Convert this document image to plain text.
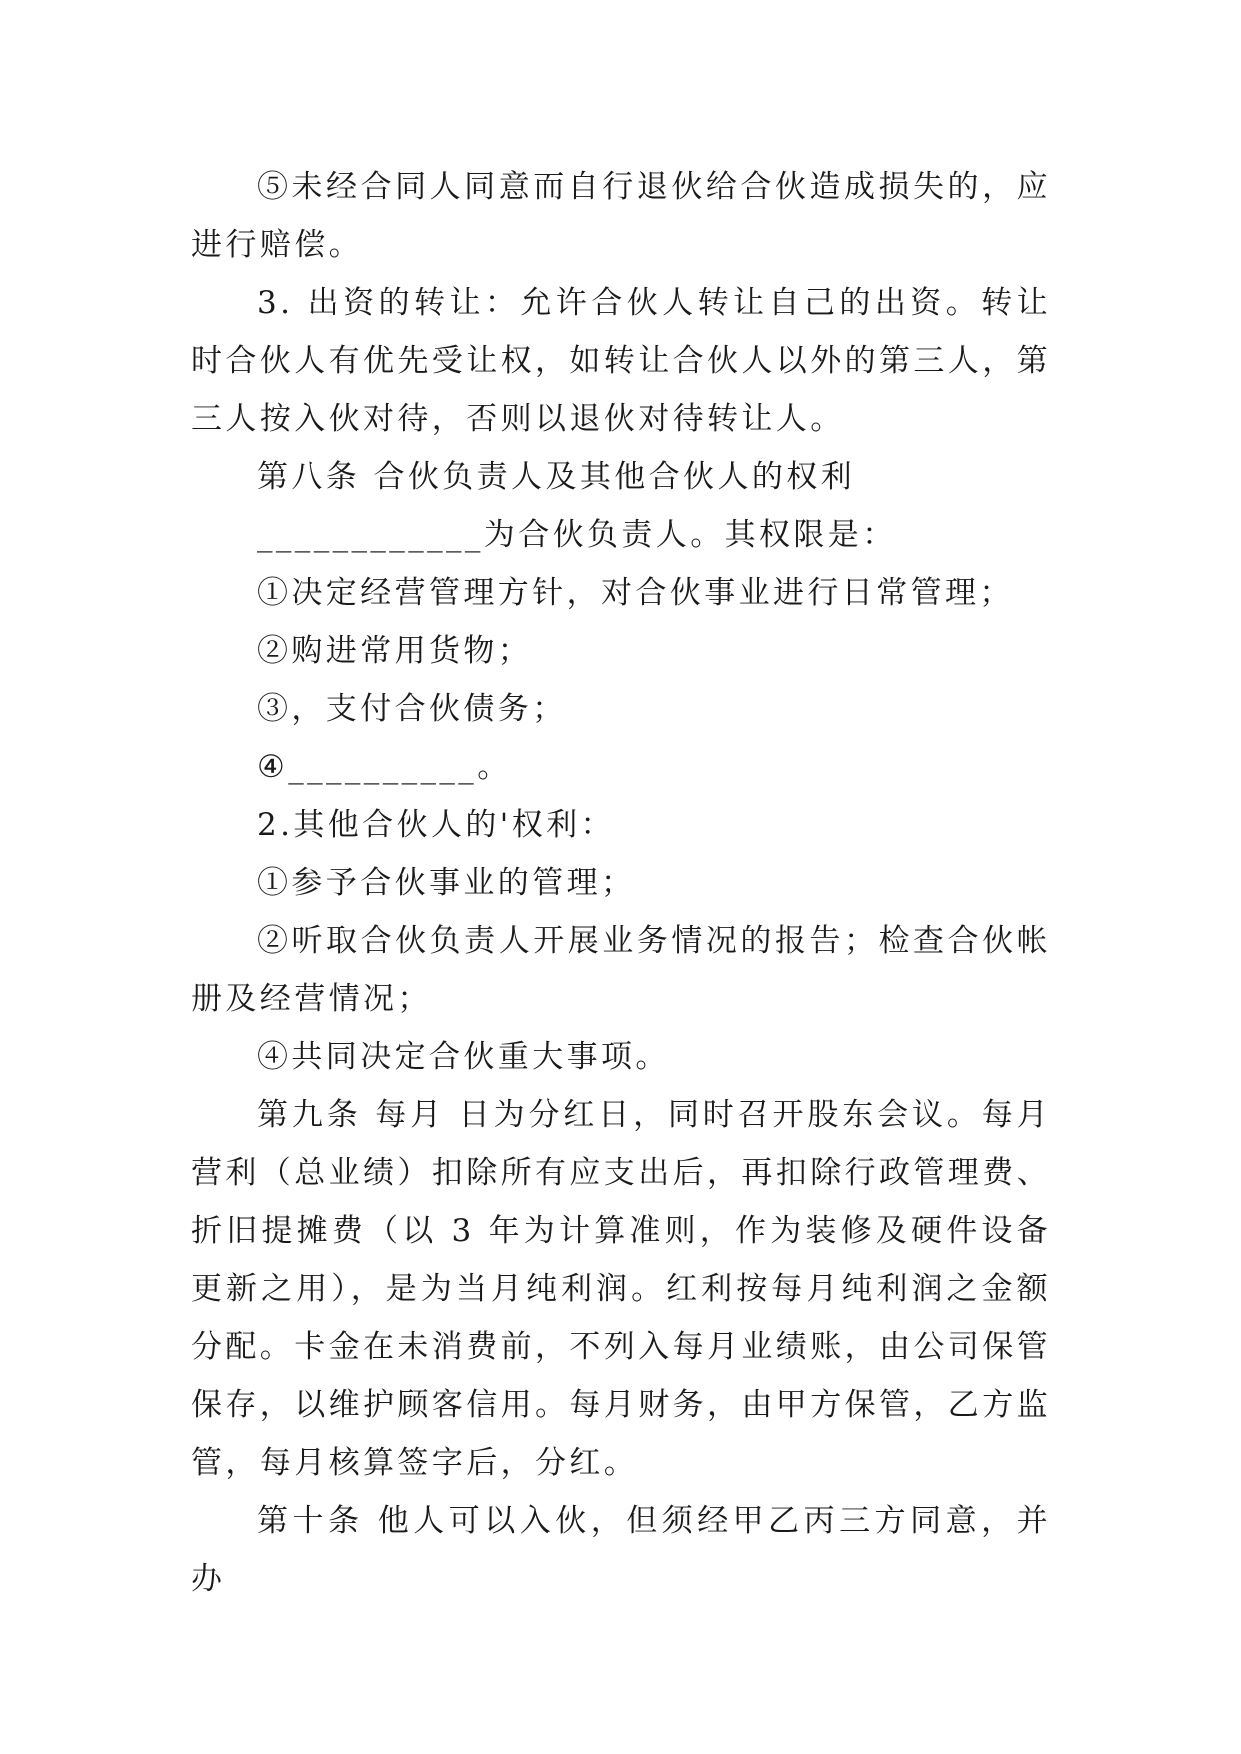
⑤未经合同人同意而自行退伙给合伙造成损失的，应进行赔偿。

3. 出资的转让：允许合伙人转让自己的出资。转让时合伙人有优先受让权，如转让合伙人以外的第三人，第三人按入伙对待，否则以退伙对待转让人。

第八条 合伙负责人及其他合伙人的权利

____________为合伙负责人。其权限是：

①决定经营管理方针，对合伙事业进行日常管理；

②购进常用货物；

③，支付合伙债务；

④__________。

2.其他合伙人的'权利：

①参予合伙事业的管理；

②听取合伙负责人开展业务情况的报告；检查合伙帐册及经营情况；

④共同决定合伙重大事项。

第九条 每月 日为分红日，同时召开股东会议。每月营利（总业绩）扣除所有应支出后，再扣除行政管理费、折旧提摊费（以 3 年为计算准则，作为装修及硬件设备更新之用），是为当月纯利润。红利按每月纯利润之金额分配。卡金在未消费前，不列入每月业绩账，由公司保管保存，以维护顾客信用。每月财务，由甲方保管，乙方监管，每月核算签字后，分红。

第十条 他人可以入伙，但须经甲乙丙三方同意，并办
